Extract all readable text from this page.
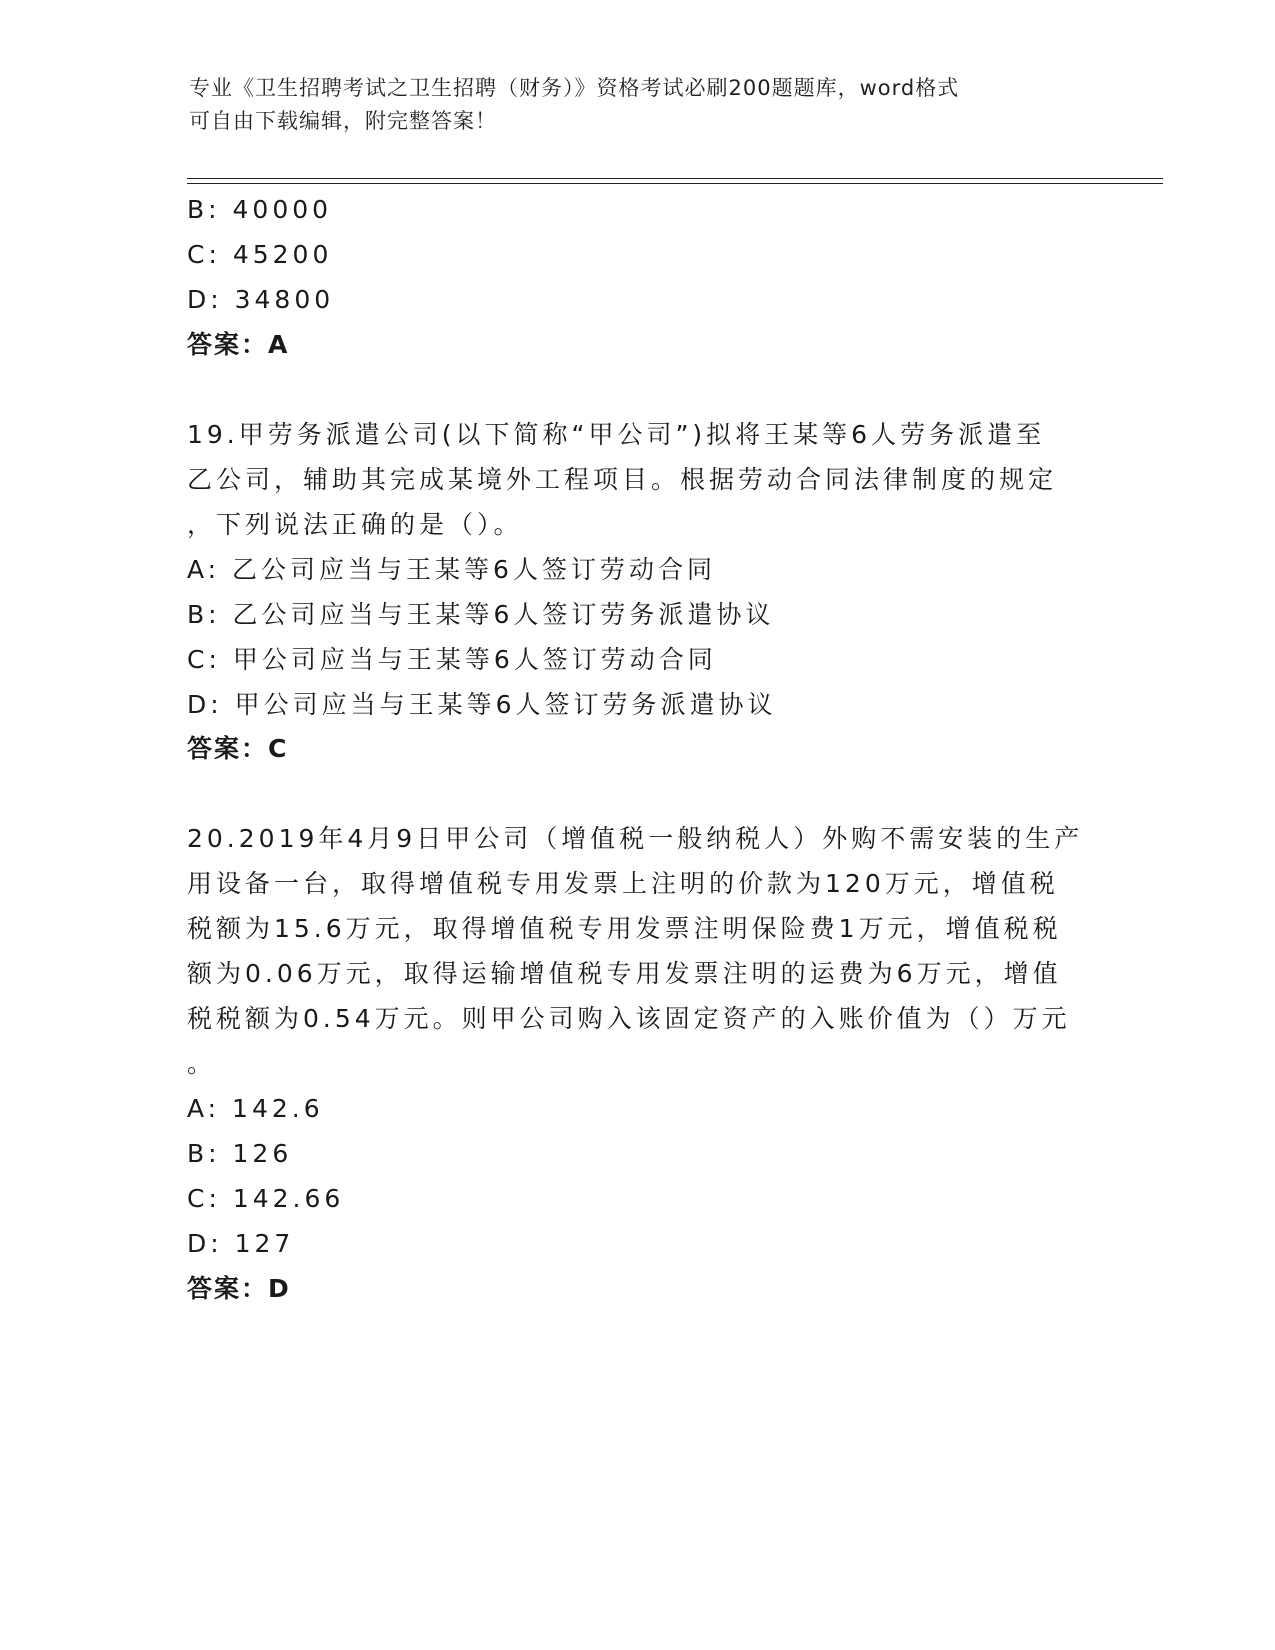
专业《卫生招聘考试之卫生招聘（财务）》资格考试必刷200题题库，word格式
可自由下载编辑，附完整答案！
B: 40000
C: 45200
D: 34800
答案：A
19.甲劳务派遣公司(以下简称“甲公司”)拟将王某等6人劳务派遣至
乙公司，辅助其完成某境外工程项目。根据劳动合同法律制度的规定
，下列说法正确的是（）。
A: 乙公司应当与王某等6人签订劳动合同
B: 乙公司应当与王某等6人签订劳务派遣协议
C: 甲公司应当与王某等6人签订劳动合同
D: 甲公司应当与王某等6人签订劳务派遣协议
答案：C
20.2019年4月9日甲公司（增值税一般纳税人）外购不需安装的生产
用设备一台，取得增值税专用发票上注明的价款为120万元，增值税
税额为15.6万元，取得增值税专用发票注明保险费1万元，增值税税
额为0.06万元，取得运输增值税专用发票注明的运费为6万元，增值
税税额为0.54万元。则甲公司购入该固定资产的入账价值为（）万元
。
A: 142.6
B: 126
C: 142.66
D: 127
答案：D
